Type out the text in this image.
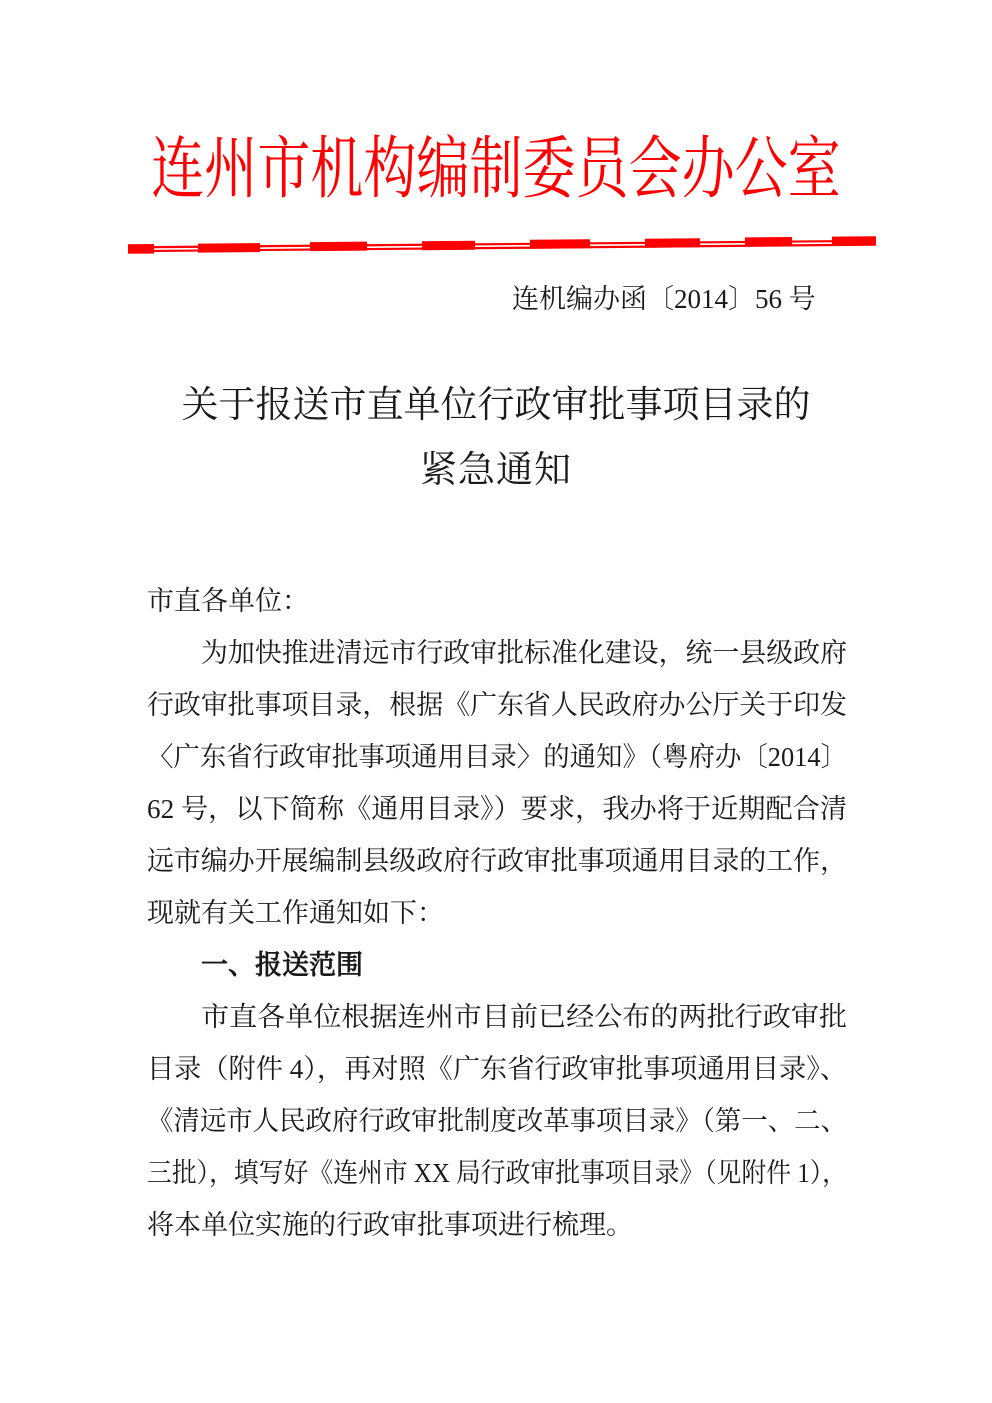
连州市机构编制委员会办公室
连机编办函〔2014〕56 号
关于报送市直单位行政审批事项目录的
紧急通知
市直各单位：
为加快推进清远市行政审批标准化建设，统一县级政府
行政审批事项目录，根据《广东省人民政府办公厅关于印发
〈广东省行政审批事项通用目录〉的通知》（粤府办〔2014〕
62 号，以下简称《通用目录》）要求，我办将于近期配合清
远市编办开展编制县级政府行政审批事项通用目录的工作，
现就有关工作通知如下：
一、报送范围
市直各单位根据连州市目前已经公布的两批行政审批
目录（附件 4），再对照《广东省行政审批事项通用目录》、
《清远市人民政府行政审批制度改革事项目录》（第一、二、
三批），填写好《连州市 XX 局行政审批事项目录》（见附件 1），
将本单位实施的行政审批事项进行梳理。
